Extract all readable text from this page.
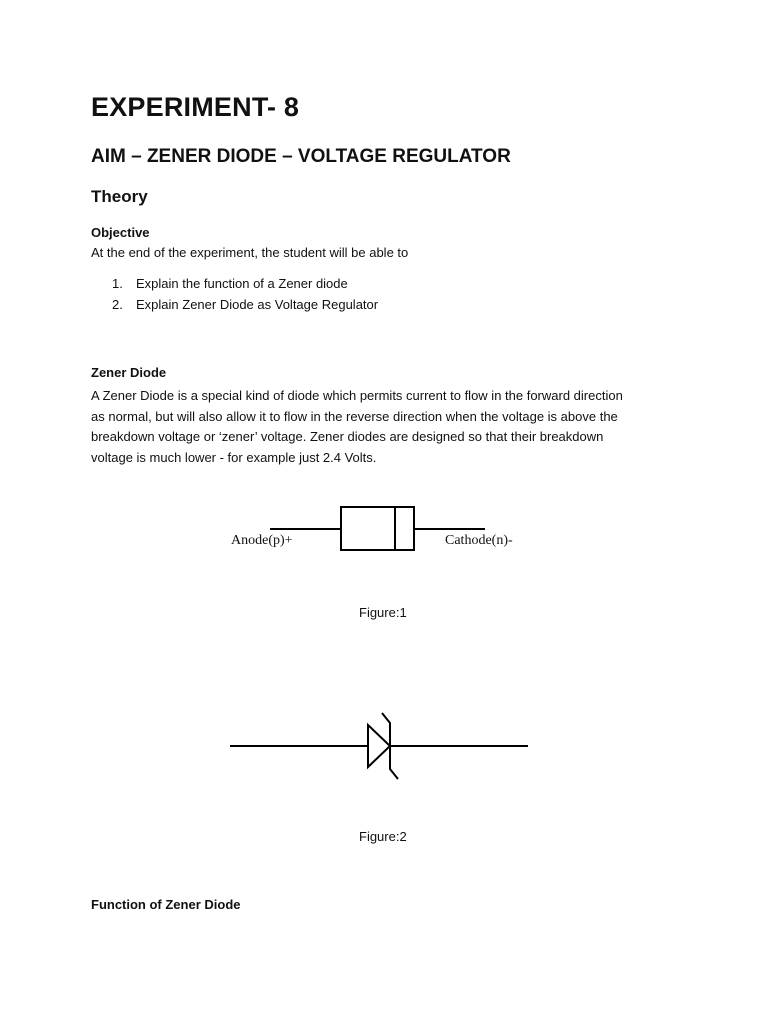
EXPERIMENT- 8
AIM – ZENER DIODE – VOLTAGE REGULATOR
Theory
Objective
At the end of the experiment, the student will be able to
1.	Explain the function of a Zener diode
2.	Explain Zener Diode as Voltage Regulator
Zener Diode
A Zener Diode is a special kind of diode which permits current to flow in the forward direction
as normal, but will also allow it to flow in the reverse direction when the voltage is above the
breakdown voltage or ‘zener’ voltage. Zener diodes are designed so that their breakdown
voltage is much lower - for example just 2.4 Volts.
Anode(p)+	Cathode(n)-
Figure:1
Figure:2
Function of Zener Diode
